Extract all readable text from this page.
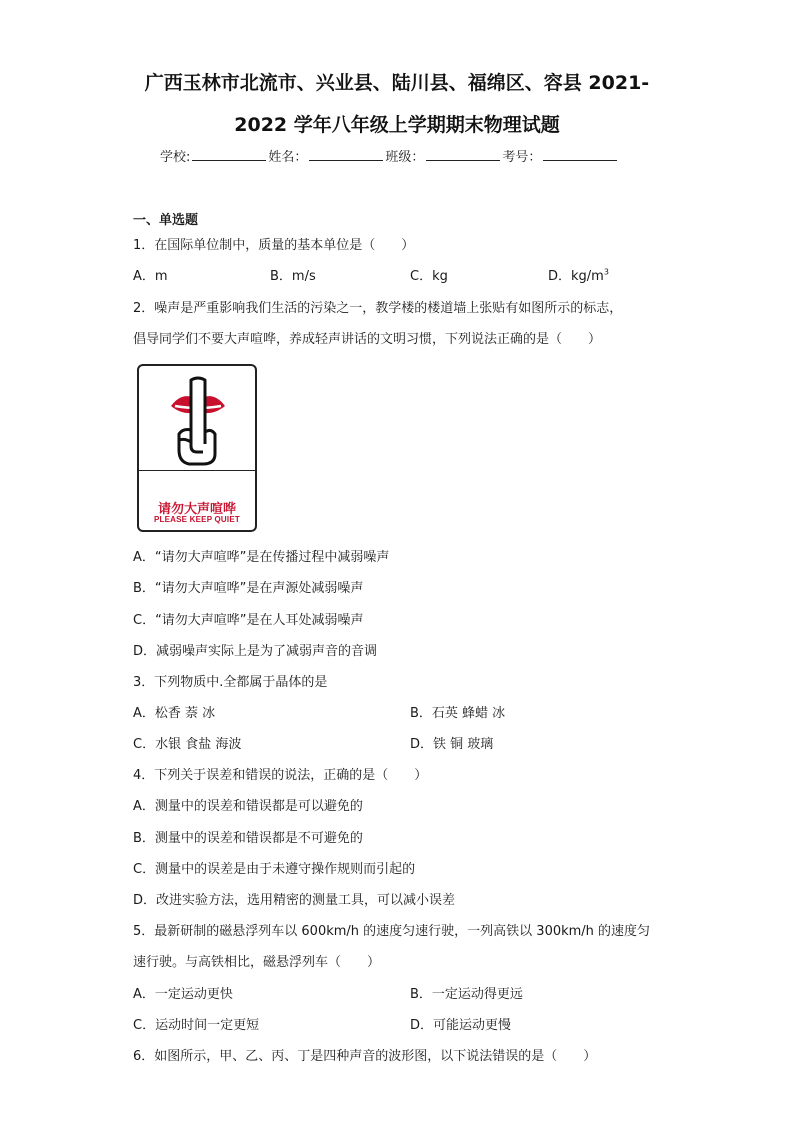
广西玉林市北流市、兴业县、陆川县、福绵区、容县 2021-
2022 学年八年级上学期期末物理试题
学校:	姓名：	班级：	考号：
一、单选题
1．在国际单位制中，质量的基本单位是（　　）
A．m	B．m/s	C．kg	D．$kg/m^3$
2．噪声是严重影响我们生活的污染之一，教学楼的楼道墙上张贴有如图所示的标志，
倡导同学们不要大声喧哗，养成轻声讲话的文明习惯，下列说法正确的是（　　）
请勿大声喧哗
PLEASE KEEP QUIET
A．“请勿大声喧哗”是在传播过程中减弱噪声
B．“请勿大声喧哗”是在声源处减弱噪声
C．“请勿大声喧哗”是在人耳处减弱噪声
D．减弱噪声实际上是为了减弱声音的音调
3．下列物质中.全都属于晶体的是
A．松香 萘 冰	B．石英 蜂蜡 冰
C．水银 食盐 海波	D．铁 铜 玻璃
4．下列关于误差和错误的说法，正确的是（　　）
A．测量中的误差和错误都是可以避免的
B．测量中的误差和错误都是不可避免的
C．测量中的误差是由于未遵守操作规则而引起的
D．改进实验方法，选用精密的测量工具，可以减小误差
5．最新研制的磁悬浮列车以 600km/h 的速度匀速行驶，一列高铁以 300km/h 的速度匀
速行驶。与高铁相比，磁悬浮列车（　　）
A．一定运动更快	B．一定运动得更远
C．运动时间一定更短	D．可能运动更慢
6．如图所示，甲、乙、丙、丁是四种声音的波形图，以下说法错误的是（　　）
